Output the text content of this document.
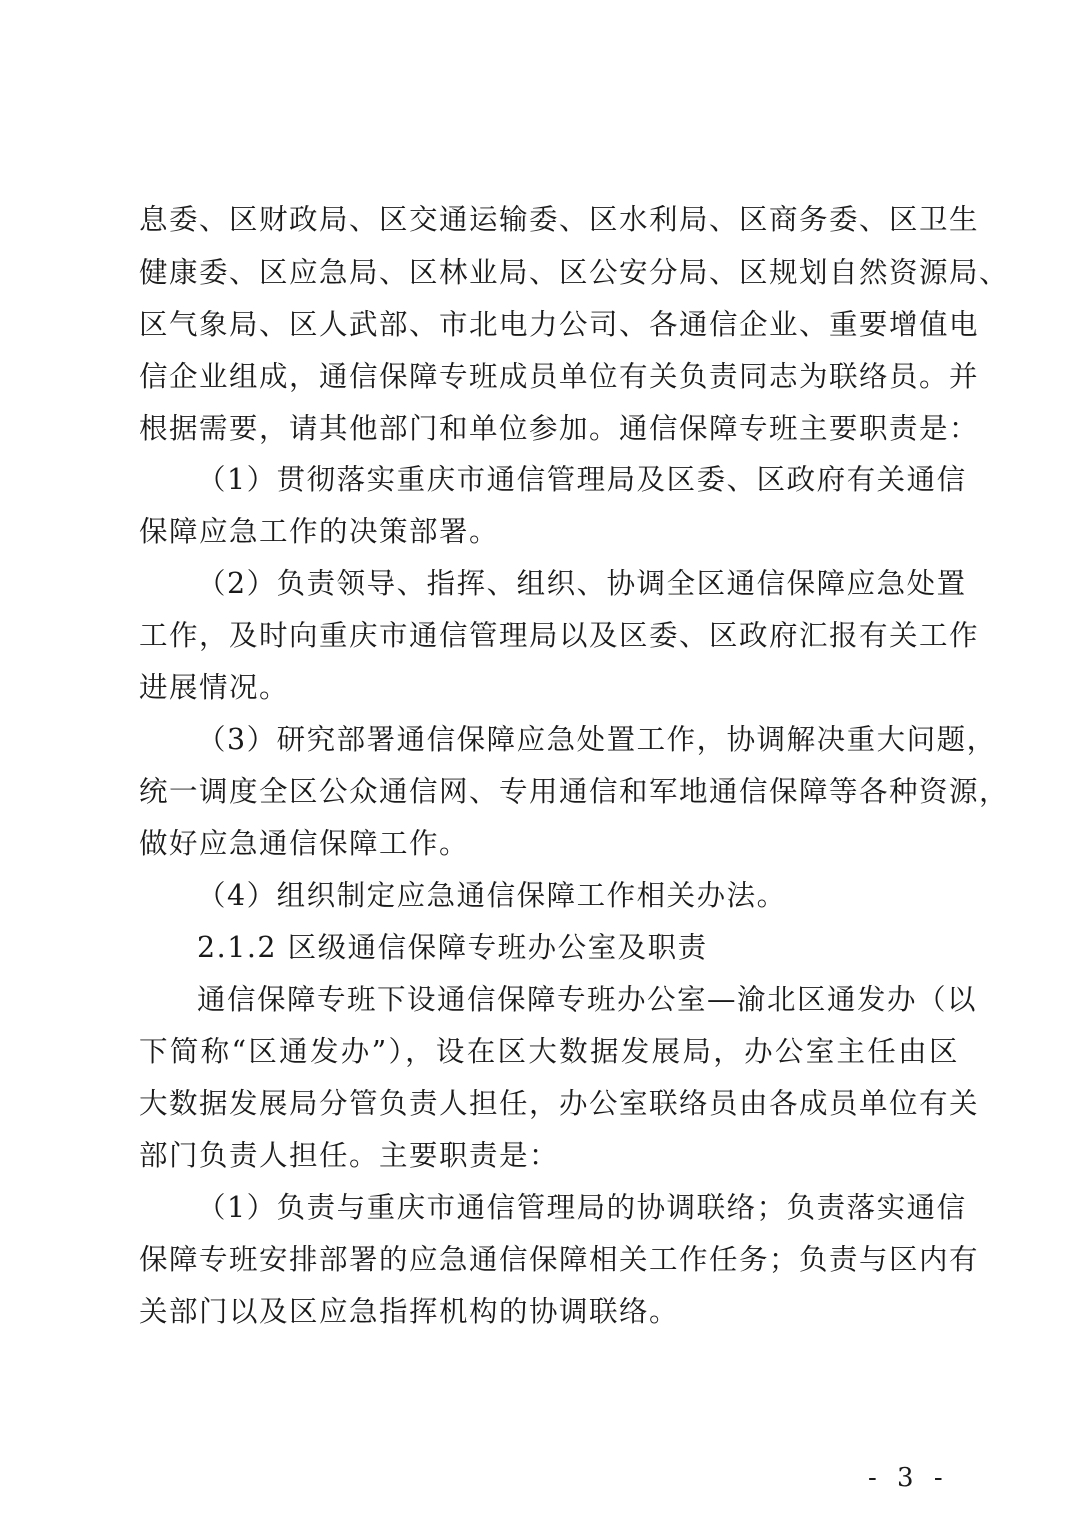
息委、区财政局、区交通运输委、区水利局、区商务委、区卫生
健康委、区应急局、区林业局、区公安分局、区规划自然资源局、
区气象局、区人武部、市北电力公司、各通信企业、重要增值电
信企业组成，通信保障专班成员单位有关负责同志为联络员。并
根据需要，请其他部门和单位参加。通信保障专班主要职责是：
（1）贯彻落实重庆市通信管理局及区委、区政府有关通信
保障应急工作的决策部署。
（2）负责领导、指挥、组织、协调全区通信保障应急处置
工作，及时向重庆市通信管理局以及区委、区政府汇报有关工作
进展情况。
（3）研究部署通信保障应急处置工作，协调解决重大问题，
统一调度全区公众通信网、专用通信和军地通信保障等各种资源，
做好应急通信保障工作。
（4）组织制定应急通信保障工作相关办法。
2.1.2 区级通信保障专班办公室及职责
通信保障专班下设通信保障专班办公室—渝北区通发办（以
下简称“区通发办”），设在区大数据发展局，办公室主任由区
大数据发展局分管负责人担任，办公室联络员由各成员单位有关
部门负责人担任。主要职责是：
（1）负责与重庆市通信管理局的协调联络；负责落实通信
保障专班安排部署的应急通信保障相关工作任务；负责与区内有
关部门以及区应急指挥机构的协调联络。
- 3 -
